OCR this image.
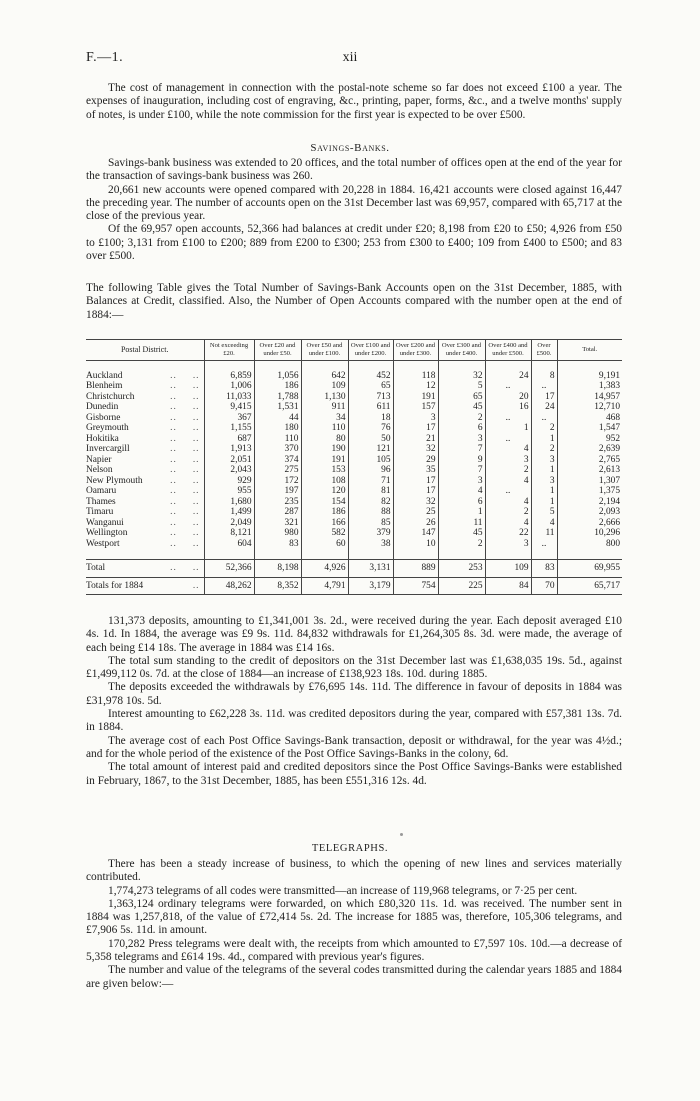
F.—1.	xii

The cost of management in connection with the postal-note scheme so far does not exceed £100 a year. The expenses of inauguration, including cost of engraving, &c., printing, paper, forms, &c., and a twelve months' supply of notes, is under £100, while the note commission for the first year is expected to be over £500.

Savings-Banks.

Savings-bank business was extended to 20 offices, and the total number of offices open at the end of the year for the transaction of savings-bank business was 260.

20,661 new accounts were opened compared with 20,228 in 1884. 16,421 accounts were closed against 16,447 the preceding year. The number of accounts open on the 31st December last was 69,957, compared with 65,717 at the close of the previous year.

Of the 69,957 open accounts, 52,366 had balances at credit under £20; 8,198 from £20 to £50; 4,926 from £50 to £100; 3,131 from £100 to £200; 889 from £200 to £300; 253 from £300 to £400; 109 from £400 to £500; and 83 over £500.

The following Table gives the Total Number of Savings-Bank Accounts open on the 31st December, 1885, with Balances at Credit, classified. Also, the Number of Open Accounts compared with the number open at the end of 1884:—
Postal District.	Not exceeding £20.	Over £20 and under £50.	Over £50 and under £100.	Over £100 and under £200.	Over £200 and under £300.	Over £300 and under £400.	Over £400 and under £500.	Over £500.	Total.

Auckland .. ..	6,859	1,056	642	452	118	32	24	8	9,191

Blenheim .. ..	1,006	186	109	65	12	5	..	..	1,383

Christchurch .. ..	11,033	1,788	1,130	713	191	65	20	17	14,957

Dunedin .. ..	9,415	1,531	911	611	157	45	16	24	12,710

Gisborne .. ..	367	44	34	18	3	2	..	..	468

Greymouth .. ..	1,155	180	110	76	17	6	1	2	1,547

Hokitika .. ..	687	110	80	50	21	3	..	1	952

Invercargill .. ..	1,913	370	190	121	32	7	4	2	2,639

Napier .. ..	2,051	374	191	105	29	9	3	3	2,765

Nelson .. ..	2,043	275	153	96	35	7	2	1	2,613

New Plymouth .. ..	929	172	108	71	17	3	4	3	1,307

Oamaru .. ..	955	197	120	81	17	4	..	1	1,375

Thames .. ..	1,680	235	154	82	32	6	4	1	2,194

Timaru .. ..	1,499	287	186	88	25	1	2	5	2,093

Wanganui .. ..	2,049	321	166	85	26	11	4	4	2,666

Wellington .. ..	8,121	980	582	379	147	45	22	11	10,296

Westport .. ..	604	83	60	38	10	2	3	..	800

Total .. ..	52,366	8,198	4,926	3,131	889	253	109	83	69,955

Totals for 1884 ..	48,262	8,352	4,791	3,179	754	225	84	70	65,717

131,373 deposits, amounting to £1,341,001 3s. 2d., were received during the year. Each deposit averaged £10 4s. 1d. In 1884, the average was £9 9s. 11d. 84,832 withdrawals for £1,264,305 8s. 3d. were made, the average of each being £14 18s. The average in 1884 was £14 16s.

The total sum standing to the credit of depositors on the 31st December last was £1,638,035 19s. 5d., against £1,499,112 0s. 7d. at the close of 1884—an increase of £138,923 18s. 10d. during 1885.

The deposits exceeded the withdrawals by £76,695 14s. 11d. The difference in favour of deposits in 1884 was £31,978 10s. 5d.

Interest amounting to £62,228 3s. 11d. was credited depositors during the year, compared with £57,381 13s. 7d. in 1884.

The average cost of each Post Office Savings-Bank transaction, deposit or withdrawal, for the year was 4½d.; and for the whole period of the existence of the Post Office Savings-Banks in the colony, 6d.

The total amount of interest paid and credited depositors since the Post Office Savings-Banks were established in February, 1867, to the 31st December, 1885, has been £551,316 12s. 4d.

TELEGRAPHS.

There has been a steady increase of business, to which the opening of new lines and services materially contributed.

1,774,273 telegrams of all codes were transmitted—an increase of 119,968 telegrams, or 7·25 per cent.

1,363,124 ordinary telegrams were forwarded, on which £80,320 11s. 1d. was received. The number sent in 1884 was 1,257,818, of the value of £72,414 5s. 2d. The increase for 1885 was, therefore, 105,306 telegrams, and £7,906 5s. 11d. in amount.

170,282 Press telegrams were dealt with, the receipts from which amounted to £7,597 10s. 10d.—a decrease of 5,358 telegrams and £614 19s. 4d., compared with previous year's figures.

The number and value of the telegrams of the several codes transmitted during the calendar years 1885 and 1884 are given below:—
